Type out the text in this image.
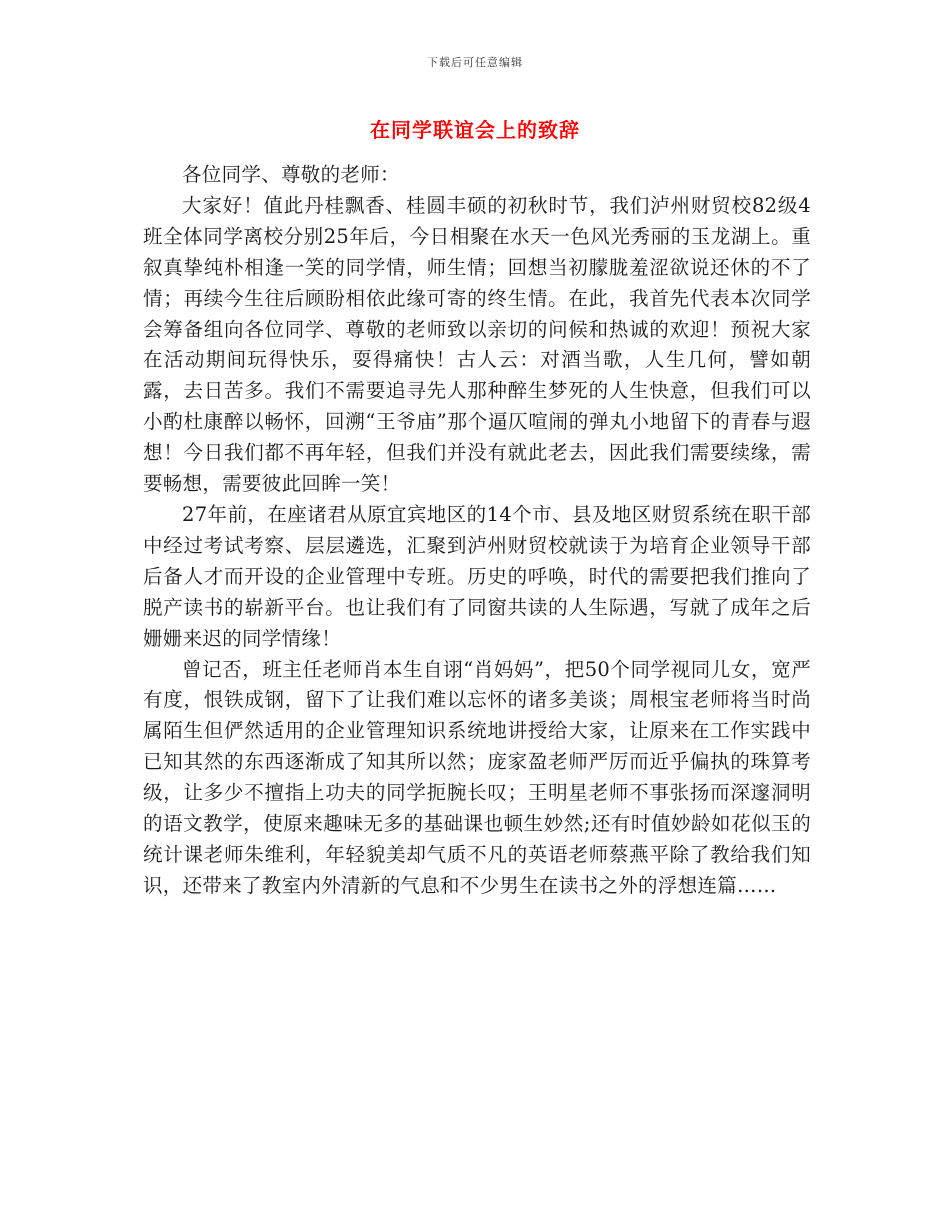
下载后可任意编辑
在同学联谊会上的致辞

各位同学、尊敬的老师：

大家好！值此丹桂飘香、桂圆丰硕的初秋时节，我们泸州财贸校82级4班全体同学离校分别25年后，今日相聚在水天一色风光秀丽的玉龙湖上。重叙真挚纯朴相逢一笑的同学情，师生情；回想当初朦胧羞涩欲说还休的不了情；再续今生往后顾盼相依此缘可寄的终生情。在此，我首先代表本次同学会筹备组向各位同学、尊敬的老师致以亲切的问候和热诚的欢迎！预祝大家在活动期间玩得快乐，耍得痛快！古人云：对酒当歌，人生几何，譬如朝露，去日苦多。我们不需要追寻先人那种醉生梦死的人生快意，但我们可以小酌杜康醉以畅怀，回溯“王爷庙”那个逼仄喧闹的弹丸小地留下的青春与遐想！今日我们都不再年轻，但我们并没有就此老去，因此我们需要续缘，需要畅想，需要彼此回眸一笑！

27年前，在座诸君从原宜宾地区的14个市、县及地区财贸系统在职干部中经过考试考察、层层遴选，汇聚到泸州财贸校就读于为培育企业领导干部后备人才而开设的企业管理中专班。历史的呼唤，时代的需要把我们推向了脱产读书的崭新平台。也让我们有了同窗共读的人生际遇，写就了成年之后姗姗来迟的同学情缘！

曾记否，班主任老师肖本生自诩“肖妈妈”，把50个同学视同儿女，宽严有度，恨铁成钢，留下了让我们难以忘怀的诸多美谈；周根宝老师将当时尚属陌生但俨然适用的企业管理知识系统地讲授给大家，让原来在工作实践中已知其然的东西逐渐成了知其所以然；庞家盈老师严厉而近乎偏执的珠算考级，让多少不擅指上功夫的同学扼腕长叹；王明星老师不事张扬而深邃洞明的语文教学，使原来趣味无多的基础课也顿生妙然;还有时值妙龄如花似玉的统计课老师朱维利，年轻貌美却气质不凡的英语老师蔡燕平除了教给我们知识，还带来了教室内外清新的气息和不少男生在读书之外的浮想连篇……
